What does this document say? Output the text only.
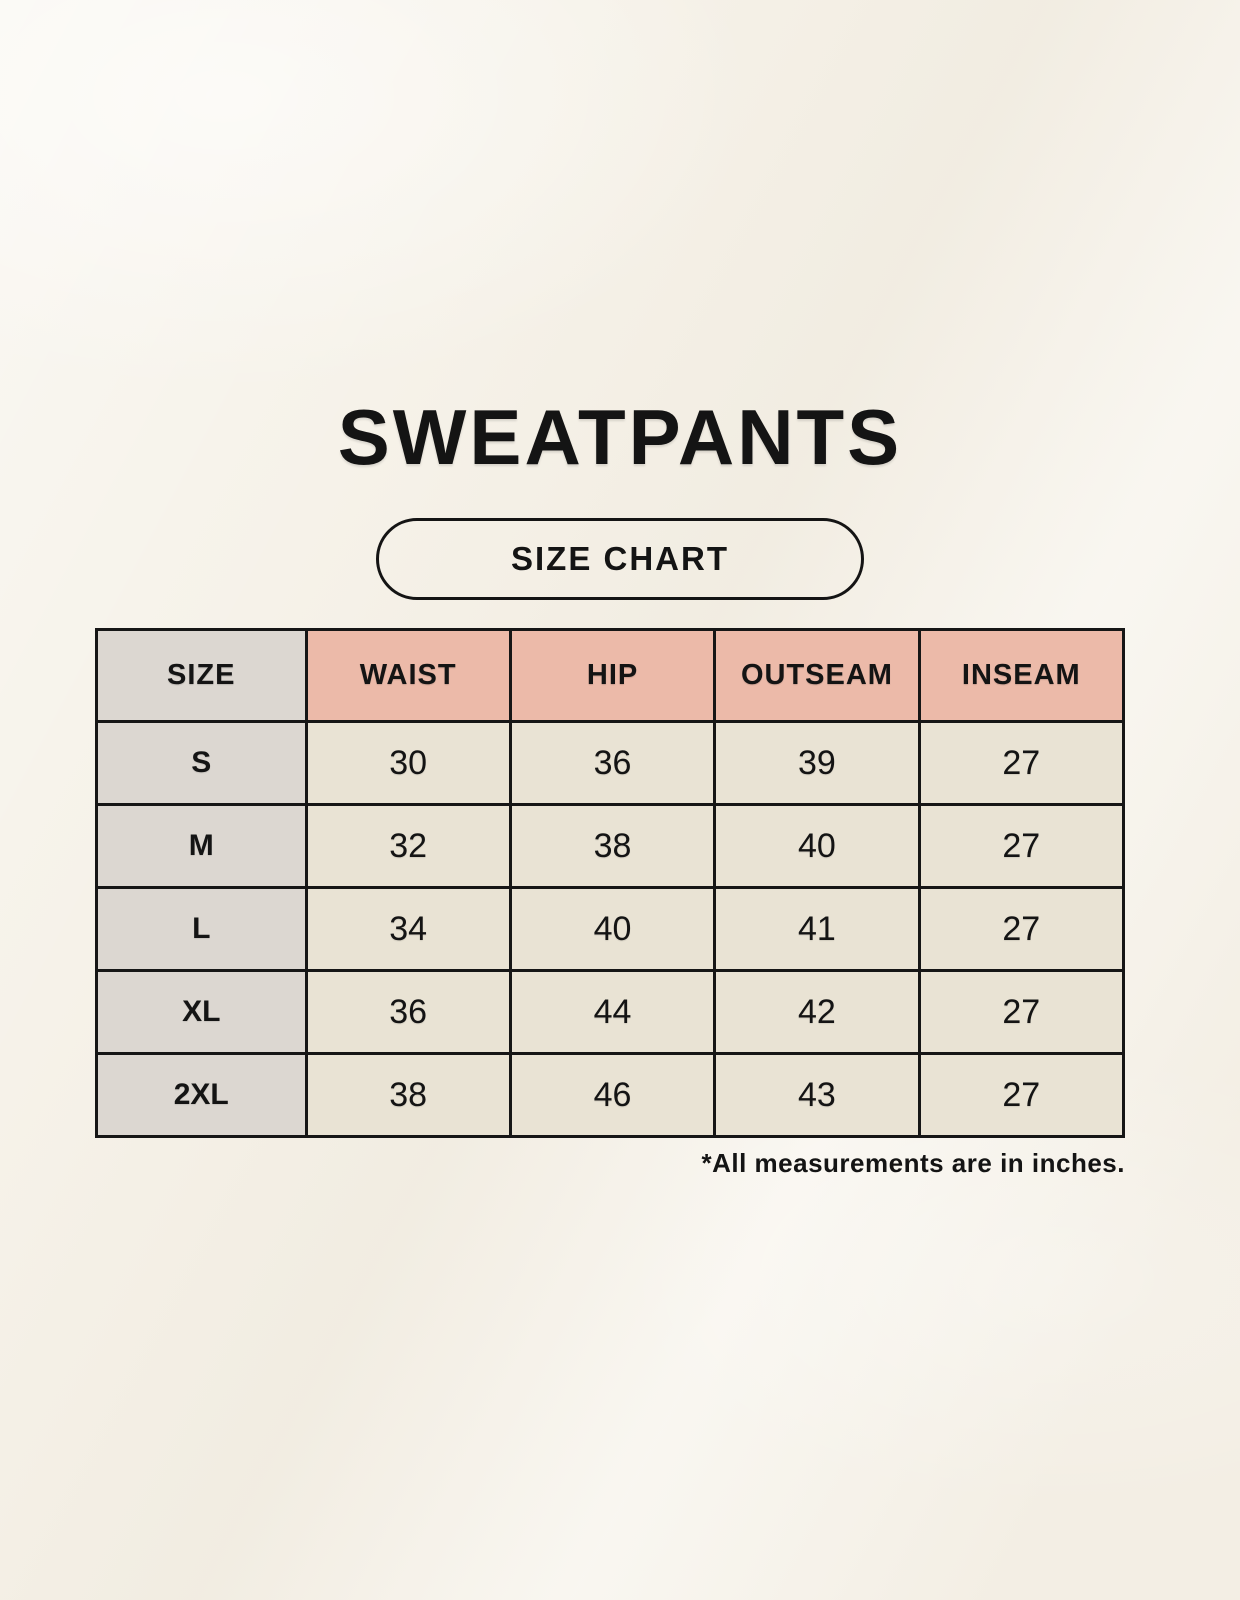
SWEATPANTS
SIZE CHART
SIZE	WAIST	HIP	OUTSEAM	INSEAM
S	30	36	39	27
M	32	38	40	27
L	34	40	41	27
XL	36	44	42	27
2XL	38	46	43	27
*All measurements are in inches.
